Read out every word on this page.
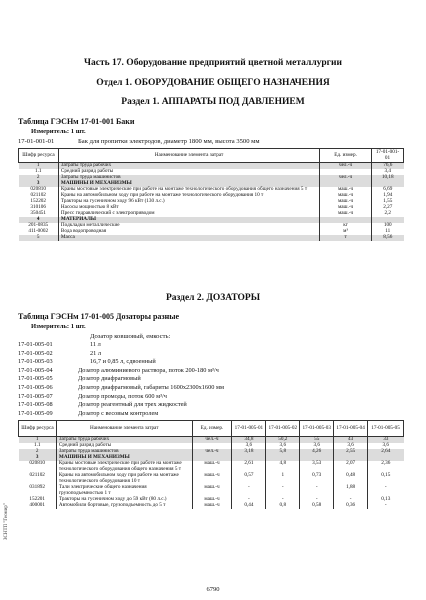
Часть 17. Оборудование предприятий цветной металлургии
Отдел 1. ОБОРУДОВАНИЕ ОБЩЕГО НАЗНАЧЕНИЯ
Раздел 1. АППАРАТЫ ПОД ДАВЛЕНИЕМ
Таблица ГЭСНм 17-01-001 Баки
Измеритель: 1 шт.
17-01-001-01	Бак для пропитки электродов, диаметр 1800 мм, высота 3500 мм
Шифр ресурса	Наименование элемента затрат	Ед. измер.	17-01-001-01
1	Затраты труда рабочих	чел.-ч	76,6
1.1	Средний разряд работы		3,4
2	Затраты труда машинистов	чел.-ч	10,18
3	МАШИНЫ И МЕХАНИЗМЫ		
020810	Краны мостовые электрические при работе на монтаже технологического оборудования общего назначения 5 т	маш.-ч	6,69
021102	Краны на автомобильном ходу при работе на монтаже технологического оборудования 10 т	маш.-ч	1,94
152202	Тракторы на гусеничном ходу 96 кВт (130 л.с.)	маш.-ч	1,55
310106	Насосы мощностью 8 кВт	маш.-ч	2,27
350451	Пресс гидравлический с электроприводом	маш.-ч	2,2
4	МАТЕРИАЛЫ		
201-0835	Подкладки металлические	кг	100
411-0002	Вода водопроводная	м³	11
5	Масса	т	8,56
Раздел 2. ДОЗАТОРЫ
Таблица ГЭСНм 17-01-005 Дозаторы разные
Измеритель: 1 шт.
Дозатор ковшовый, емкость:
17-01-005-01	11 л
17-01-005-02	21 л
17-01-005-03	16,7 и 0,85 л, сдвоенный
17-01-005-04	Дозатор алюминиевого раствора, поток 200-180 м³/ч
17-01-005-05	Дозатор диафрагмовый
17-01-005-06	Дозатор диафрагмовый, габариты 1600х2300х1600 мм
17-01-005-07	Дозатор промоды, поток 600 м³/ч
17-01-005-08	Дозатор реагентный для трех жидкостей
17-01-005-09	Дозатор с весовым контролем
Шифр ресурса	Наименование элемента затрат	Ед. измер.	17-01-005-01	17-01-005-02	17-01-005-03	17-01-005-04	17-01-005-05
1	Затраты труда рабочих	чел.-ч	34,8	50,2	55	43	33
1.1	Средний разряд работы		3,6	3,6	3,6	3,6	3,6
2	Затраты труда машинистов	чел.-ч	3,18	5,8	4,26	2,55	2,64
3	МАШИНЫ И МЕХАНИЗМЫ						
020810	Краны мостовые электрические при работе на монтаже технологического оборудования общего назначения 5 т	маш.-ч	2,61	4,8	3,53	2,07	2,36
021102	Краны на автомобильном ходу при работе на монтаже технологического оборудования 10 т	маш.-ч	0,57	1	0,73	0,48	0,15
031892	Тали электрические общего назначения грузоподъемностью 1 т	маш.-ч	-	-	-	1,88	-
152201	Тракторы на гусеничном ходу до 59 кВт (80 л.с.)	маш.-ч	-	-	-	-	0,13
400001	Автомобили бортовые, грузоподъемность до 5 т	маш.-ч	0,44	0,8	0,58	0,36	-
6790
ЗСНТП "Геомир"
